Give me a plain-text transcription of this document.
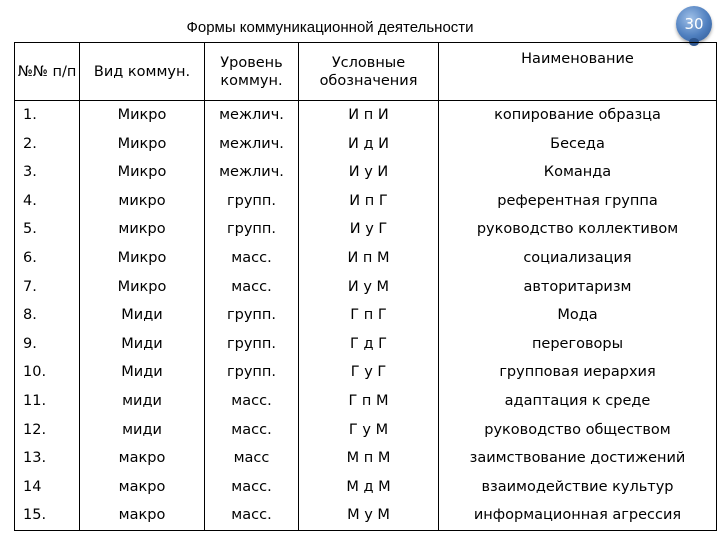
Формы коммуникационной деятельности	30
№№ п/п	Вид коммун.	Уровень коммун.	Условные обозначения	Наименование
1.	Микро	межлич.	И п И	копирование образца
2.	Микро	межлич.	И д И	Беседа
3.	Микро	межлич.	И у И	Команда
4.	микро	групп.	И п Г	референтная группа
5.	микро	групп.	И у Г	руководство коллективом
6.	Микро	масс.	И п М	социализация
7.	Микро	масс.	И у М	авторитаризм
8.	Миди	групп.	Г п Г	Мода
9.	Миди	групп.	Г д Г	переговоры
10.	Миди	групп.	Г у Г	групповая иерархия
11.	миди	масс.	Г п М	адаптация к среде
12.	миди	масс.	Г у М	руководство обществом
13.	макро	масс	М п М	заимствование достижений
14	макро	масс.	М д М	взаимодействие культур
15.	макро	масс.	М у М	информационная агрессия
